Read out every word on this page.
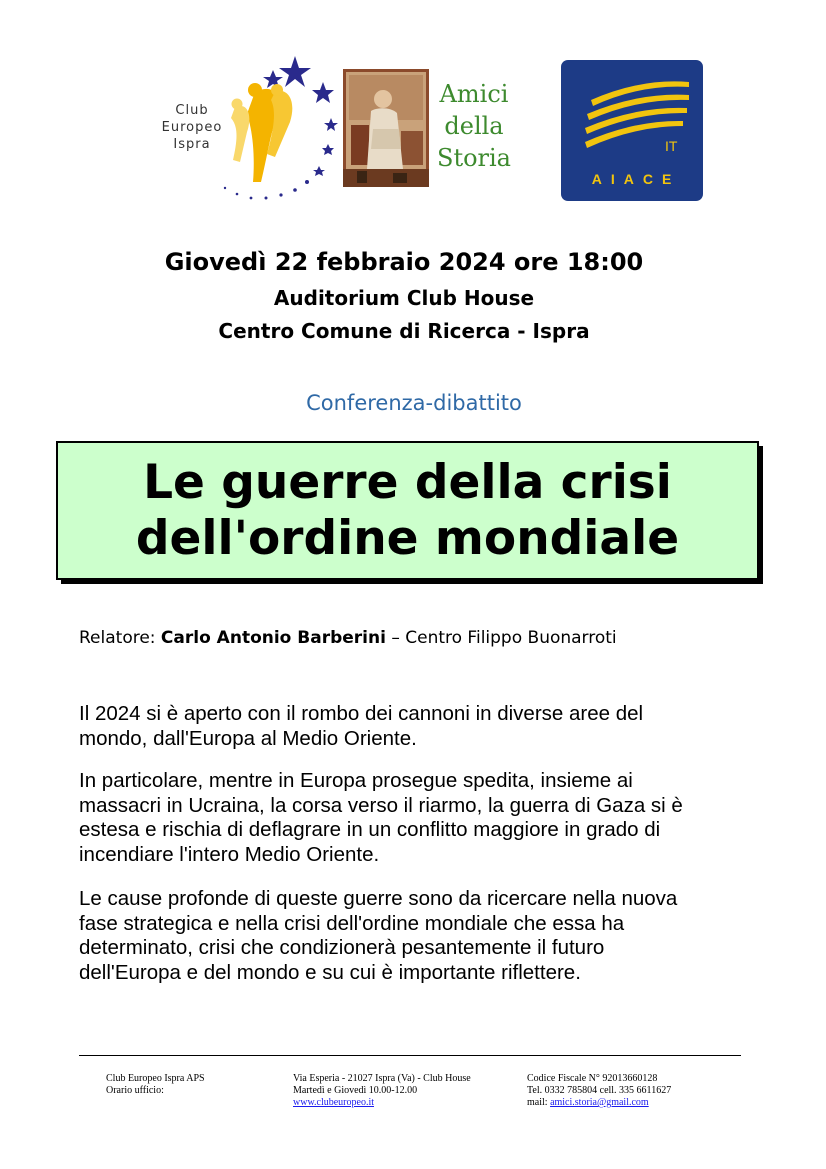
Club
Europeo
Ispra
Amici
della
Storia	IT
AIACE
Giovedì 22 febbraio 2024 ore 18:00
Auditorium Club House
Centro Comune di Ricerca - Ispra
Conferenza-dibattito
Le guerre della crisi
dell'ordine mondiale
Relatore: Carlo Antonio Barberini – Centro Filippo Buonarroti
Il 2024 si è aperto con il rombo dei cannoni in diverse aree del
mondo, dall'Europa al Medio Oriente.
In particolare, mentre in Europa prosegue spedita, insieme ai
massacri in Ucraina, la corsa verso il riarmo, la guerra di Gaza si è
estesa e rischia di deflagrare in un conflitto maggiore in grado di
incendiare l'intero Medio Oriente.
Le cause profonde di queste guerre sono da ricercare nella nuova
fase strategica e nella crisi dell'ordine mondiale che essa ha
determinato, crisi che condizionerà pesantemente il futuro
dell'Europa e del mondo e su cui è importante riflettere.
Club Europeo Ispra APS
Orario ufficio:
Via Esperia - 21027 Ispra (Va) - Club House
Martedì e Giovedì 10.00-12.00
www.clubeuropeo.it
Codice Fiscale N° 92013660128
Tel. 0332 785804 cell. 335 6611627
mail: amici.storia@gmail.com
